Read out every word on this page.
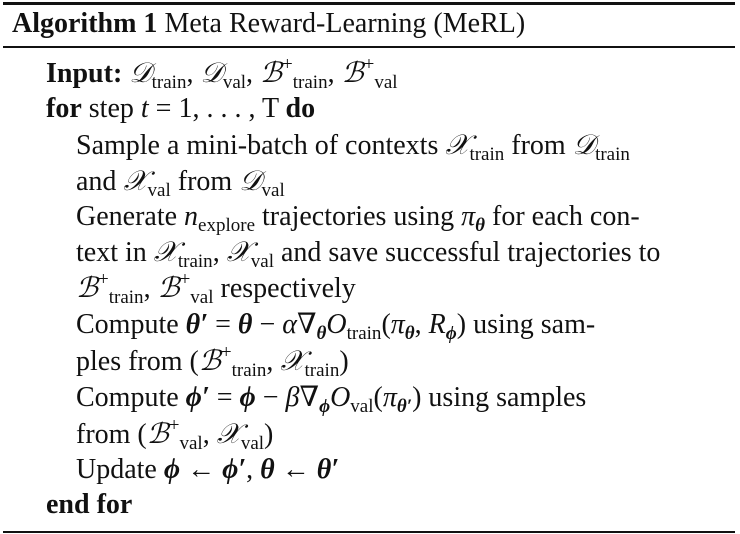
Algorithm 1 Meta Reward-Learning (MeRL)
Input: 𝒟$_{train}$, 𝒟$_{val}$, ℬ+$_{train}$, ℬ+$_{val}$
for step t = 1, . . . , T do
Sample a mini-batch of contexts 𝒳$_{train}$ from 𝒟$_{train}$
and 𝒳$_{val}$ from 𝒟$_{val}$
Generate $n_{explore}$ trajectories using $\pi_\theta$ for each con-
text in 𝒳$_{train}$, 𝒳$_{val}$ and save successful trajectories to
ℬ+$_{train}$, ℬ+$_{val}$ respectively
Compute $\theta' = \theta - \alpha\nabla_\theta O_{train}(\pi_\theta$, $R_\phi$) using sam-
ples from (ℬ+$_{train}$, 𝒳$_{train}$)
Compute $\phi' = \phi - \beta\nabla_\phi O_{val}(\pi_{\theta'})$ using samples
from (ℬ+$_{val}$, 𝒳$_{val}$)
Update ϕ ← ϕ′, θ ← θ′
end for
